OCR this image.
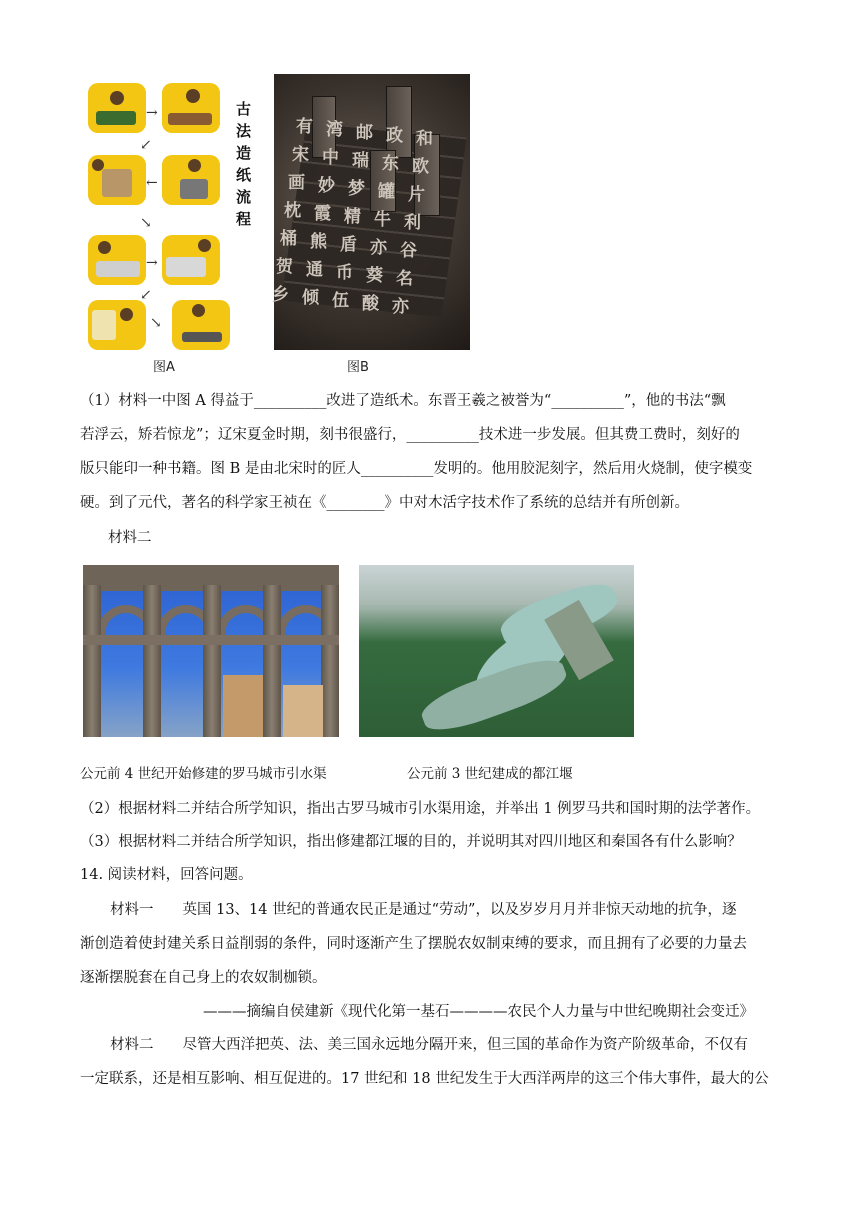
→
↙
←
↘
→
↙
↘
古法造纸流程
有 湾 邮 政 和
宋 中 瑞 东 欧
画 妙 梦 罐 片
枕 霞 精 牛 利
桶 熊 盾 亦 谷
贺 通 币 葵 名
乡 倾 伍 酸 亦
图A	图B
（1）材料一中图 A 得益于__________改进了造纸术。东晋王羲之被誉为“__________”，他的书法“飘
若浮云，矫若惊龙”；辽宋夏金时期，刻书很盛行，__________技术进一步发展。但其费工费时，刻好的
版只能印一种书籍。图 B 是由北宋时的匠人__________发明的。他用胶泥刻字，然后用火烧制，使字模变
硬。到了元代，著名的科学家王祯在《________》中对木活字技术作了系统的总结并有所创新。
材料二
公元前 4 世纪开始修建的罗马城市引水渠	公元前 3 世纪建成的都江堰
（2）根据材料二并结合所学知识，指出古罗马城市引水渠用途，并举出 1 例罗马共和国时期的法学著作。
（3）根据材料二并结合所学知识，指出修建都江堰的目的，并说明其对四川地区和秦国各有什么影响？
14. 阅读材料，回答问题。
材料一　　英国 13、14 世纪的普通农民正是通过“劳动”，以及岁岁月月并非惊天动地的抗争，逐
渐创造着使封建关系日益削弱的条件，同时逐渐产生了摆脱农奴制束缚的要求，而且拥有了必要的力量去
逐渐摆脱套在自己身上的农奴制枷锁。
———摘编自侯建新《现代化第一基石————农民个人力量与中世纪晚期社会变迁》
材料二　　尽管大西洋把英、法、美三国永远地分隔开来，但三国的革命作为资产阶级革命，不仅有
一定联系，还是相互影响、相互促进的。17 世纪和 18 世纪发生于大西洋两岸的这三个伟大事件，最大的公
